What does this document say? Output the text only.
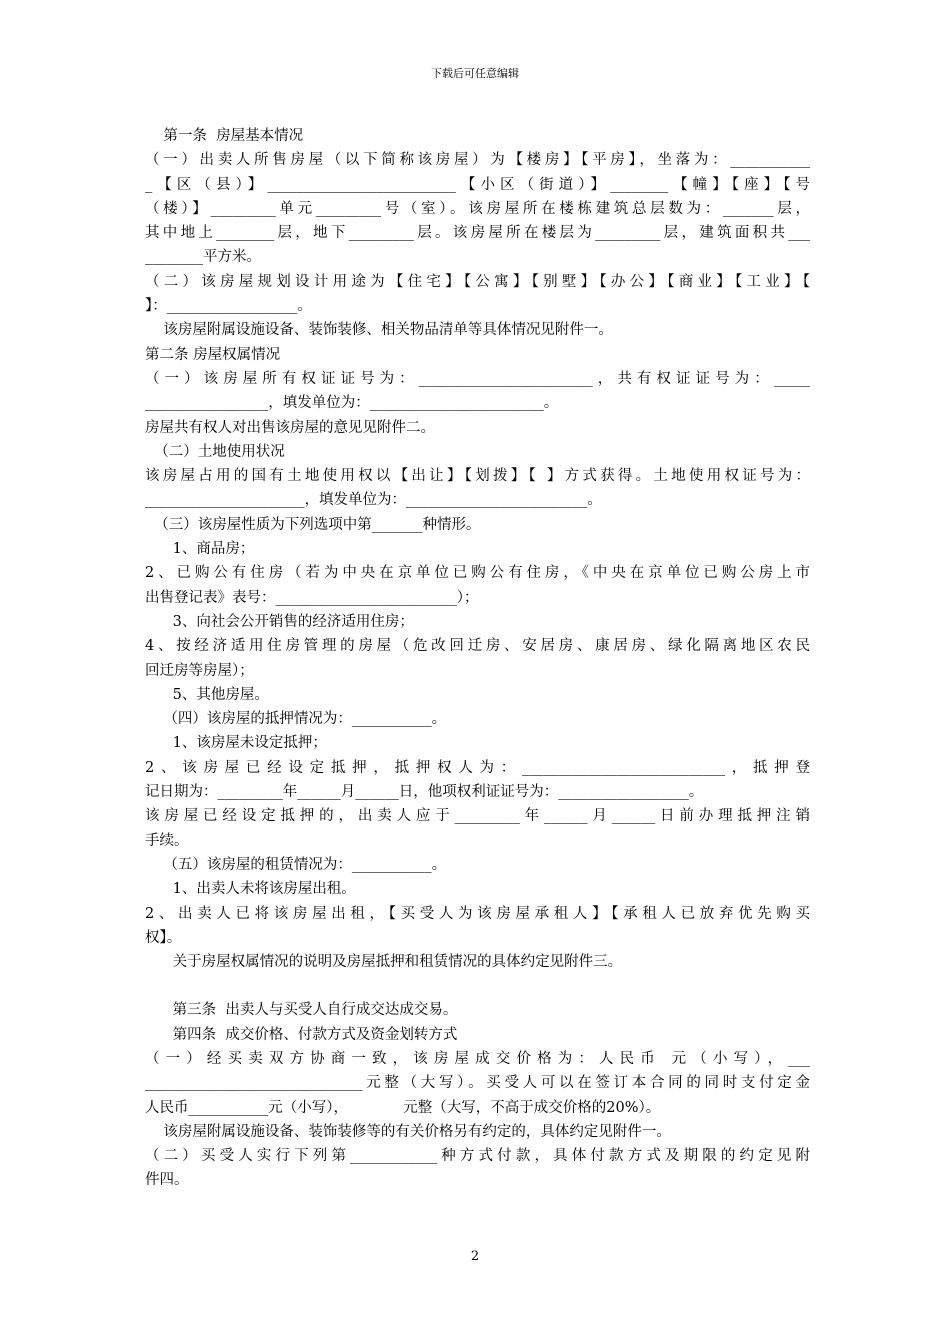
下载后可任意编辑
第一条  房屋基本情况
（一）出卖人所售房屋（以下简称该房屋）为【楼房】【平房】，坐落为：___________
_【区（县）】__________________________【小区（街道）】________【幢】【座】【号
（楼）】_________单元_________号（室）。该房屋所在楼栋建筑总层数为：_______层，
其中地上________层，地下_________层。该房屋所在楼层为_________层，建筑面积共___
________平方米。
（二）该房屋规划设计用途为【住宅】【公寓】【别墅】【办公】【商业】【工业】【
】：__________________。
该房屋附属设施设备、装饰装修、相关物品清单等具体情况见附件一。
第二条 房屋权属情况
（一）该房屋所有权证证号为：________________________，共有权证证号为：_____
_________________，填发单位为：________________________。
房屋共有权人对出售该房屋的意见见附件二。
（二）土地使用状况
该房屋占用的国有土地使用权以【出让】【划拨】【 】方式获得。土地使用权证号为：
______________________，填发单位为：_________________________。
（三）该房屋性质为下列选项中第_______种情形。
1、商品房；
2、已购公有住房（若为中央在京单位已购公有住房，《中央在京单位已购公房上市
出售登记表》表号：_________________________）；
3、向社会公开销售的经济适用住房；
4、按经济适用住房管理的房屋（危改回迁房、安居房、康居房、绿化隔离地区农民
回迁房等房屋）；
5、其他房屋。
（四）该房屋的抵押情况为：___________。
1、该房屋未设定抵押；
2、该房屋已经设定抵押，抵押权人为：____________________________，抵押登
记日期为：_________年______月______日，他项权利证证号为：__________________。
该房屋已经设定抵押的，出卖人应于_________年______月______日前办理抵押注销
手续。
（五）该房屋的租赁情况为：___________。
1、出卖人未将该房屋出租。
2、出卖人已将该房屋出租，【买受人为该房屋承租人】【承租人已放弃优先购买
权】。
关于房屋权属情况的说明及房屋抵押和租赁情况的具体约定见附件三。
第三条  出卖人与买受人自行成交达成交易。
第四条  成交价格、付款方式及资金划转方式
（一）经买卖双方协商一致，该房屋成交价格为：人民币 元（小写），___
______________________________元整（大写）。买受人可以在签订本合同的同时支付定金
人民币___________元（小写），            元整（大写，不高于成交价格的20%）。
该房屋附属设施设备、装饰装修等的有关价格另有约定的，具体约定见附件一。
（二）买受人实行下列第____________种方式付款，具体付款方式及期限的约定见附
件四。
2
